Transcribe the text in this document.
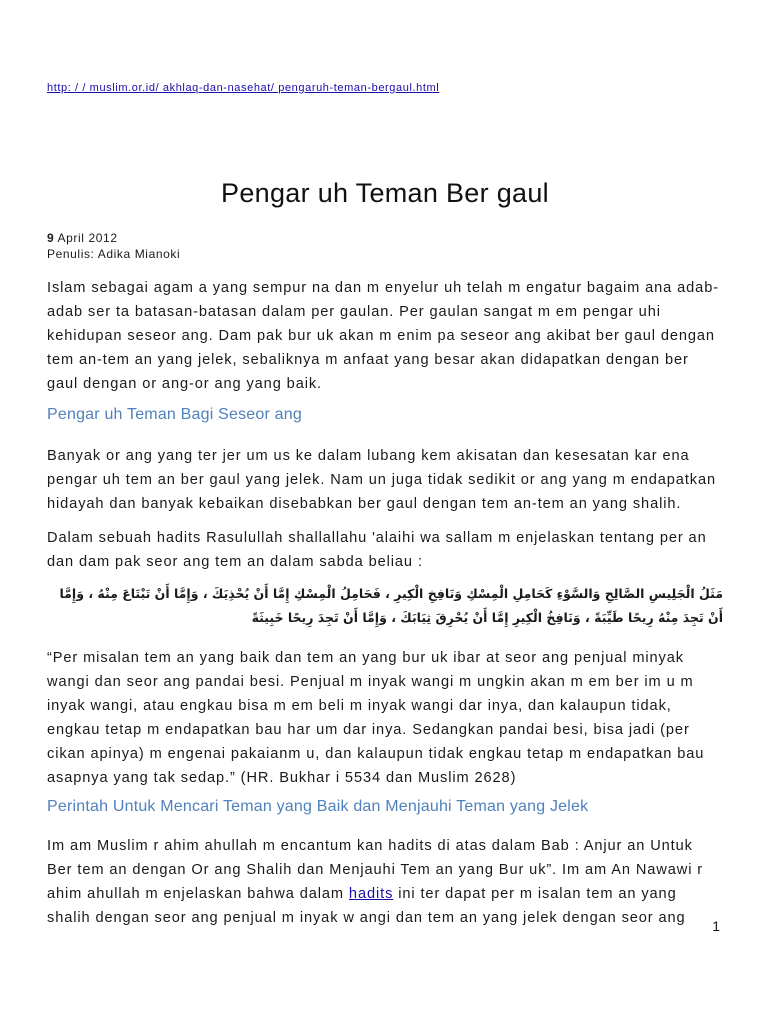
http: / / muslim.or.id/ akhlaq-dan-nasehat/ pengaruh-teman-bergaul.html
Pengar uh Teman Ber gaul
9 April 2012
Penulis: Adika Mianoki

Islam sebagai agam a yang sempur na dan m enyelur uh telah m engatur bagaim ana adab-adab ser ta batasan-batasan dalam per gaulan. Per gaulan sangat m em pengar uhi kehidupan seseor ang. Dam pak bur uk akan m enim pa seseor ang akibat ber gaul dengan tem an-tem an yang jelek, sebaliknya m anfaat yang besar akan didapatkan dengan ber gaul dengan or ang-or ang yang baik.

Pengar uh Teman Bagi Seseor ang

Banyak or ang yang ter jer um us ke dalam lubang kem akisatan dan kesesatan kar ena pengar uh tem an ber gaul yang jelek. Nam un juga tidak sedikit or ang yang m endapatkan hidayah dan banyak kebaikan disebabkan ber gaul dengan tem an-tem an yang shalih.

Dalam sebuah hadits Rasulullah shallallahu 'alaihi wa sallam m enjelaskan tentang per an dan dam pak seor ang tem an dalam sabda beliau :

مَثَلُ الْجَلِيسِ الصَّالِحِ وَالسَّوْءِ كَحَامِلِ الْمِسْكِ وَنَافِخِ الْكِيرِ ، فَحَامِلُ الْمِسْكِ إِمَّا أَنْ يُحْذِيَكَ ، وَإِمَّا أَنْ تَبْتَاعَ مِنْهُ ، وَإِمَّا أَنْ تَجِدَ مِنْهُ رِيحًا طَيِّبَةً ، وَنَافِخُ الْكِيرِ إِمَّا أَنْ يُحْرِقَ ثِيَابَكَ ، وَإِمَّا أَنْ تَجِدَ رِيحًا خَبِيثَةً

“Per misalan tem an yang baik dan tem an yang bur uk ibar at seor ang penjual minyak wangi dan seor ang pandai besi. Penjual m inyak wangi m ungkin akan m em ber im u m inyak wangi, atau engkau bisa m em beli m inyak wangi dar inya, dan kalaupun tidak, engkau tetap m endapatkan bau har um dar inya. Sedangkan pandai besi, bisa jadi (per cikan apinya) m engenai pakaianm u, dan kalaupun tidak engkau tetap m endapatkan bau asapnya yang tak sedap.” (HR. Bukhar i 5534 dan Muslim 2628)

Perintah Untuk Mencari Teman yang Baik dan Menjauhi Teman yang Jelek

Im am Muslim r ahim ahullah m encantum kan hadits di atas dalam Bab : Anjur an Untuk Ber tem an dengan Or ang Shalih dan Menjauhi Tem an yang Bur uk”. Im am An Nawawi r ahim ahullah m enjelaskan bahwa dalam hadits ini ter dapat per m isalan tem an yang shalih dengan seor ang penjual m inyak w angi dan tem an yang jelek dengan seor ang	1
